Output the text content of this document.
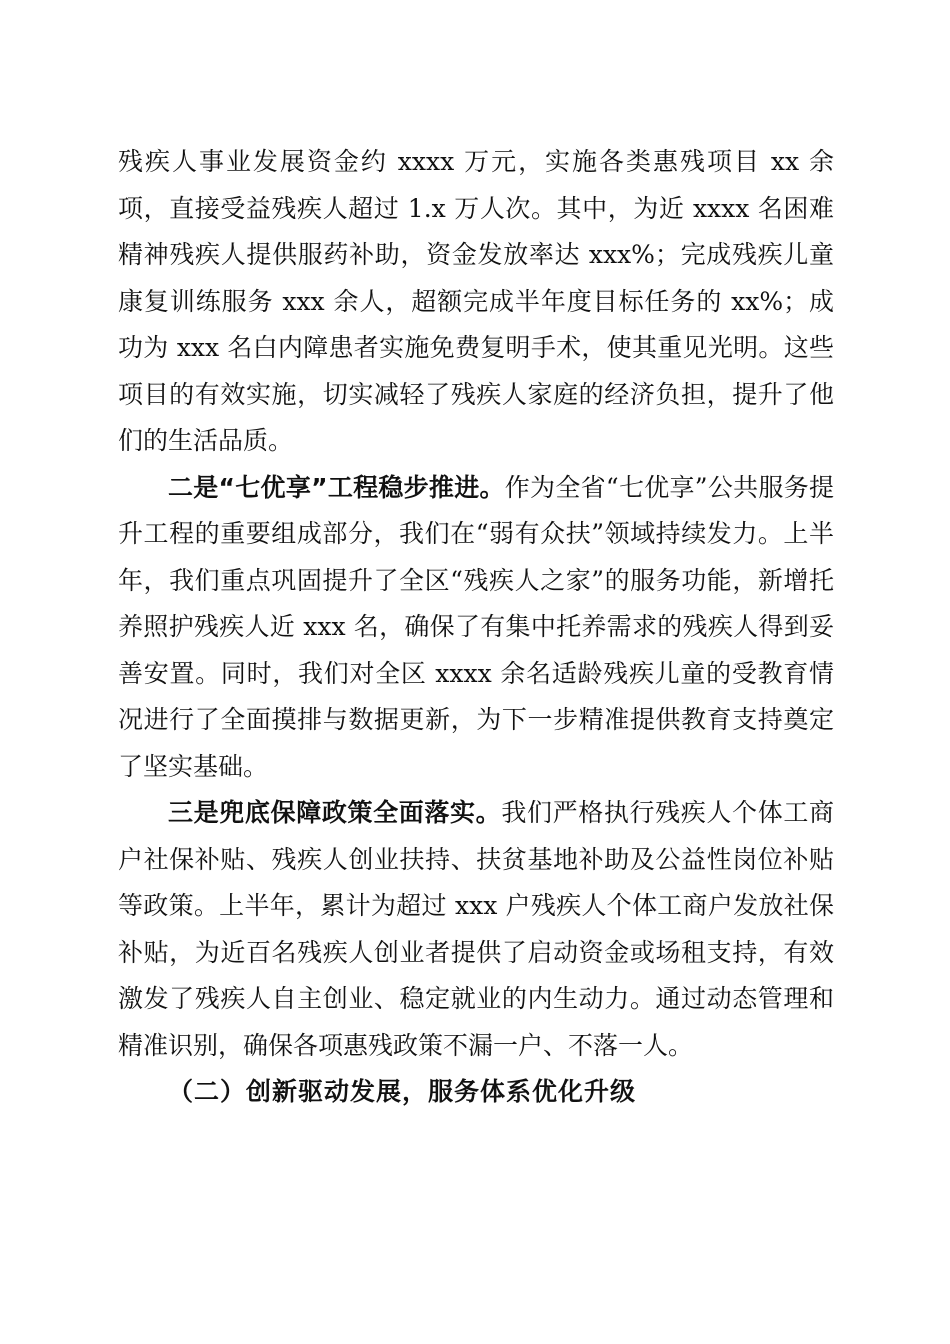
残疾人事业发展资金约 xxxx 万元，实施各类惠残项目 xx 余项，直接受益残疾人超过 1.x 万人次。其中，为近 xxxx 名困难精神残疾人提供服药补助，资金发放率达 xxx%；完成残疾儿童康复训练服务 xxx 余人，超额完成半年度目标任务的 xx%；成功为 xxx 名白内障患者实施免费复明手术，使其重见光明。这些项目的有效实施，切实减轻了残疾人家庭的经济负担，提升了他们的生活品质。

二是“七优享”工程稳步推进。作为全省“七优享”公共服务提升工程的重要组成部分，我们在“弱有众扶”领域持续发力。上半年，我们重点巩固提升了全区“残疾人之家”的服务功能，新增托养照护残疾人近 xxx 名，确保了有集中托养需求的残疾人得到妥善安置。同时，我们对全区 xxxx 余名适龄残疾儿童的受教育情况进行了全面摸排与数据更新，为下一步精准提供教育支持奠定了坚实基础。

三是兜底保障政策全面落实。我们严格执行残疾人个体工商户社保补贴、残疾人创业扶持、扶贫基地补助及公益性岗位补贴等政策。上半年，累计为超过 xxx 户残疾人个体工商户发放社保补贴，为近百名残疾人创业者提供了启动资金或场租支持，有效激发了残疾人自主创业、稳定就业的内生动力。通过动态管理和精准识别，确保各项惠残政策不漏一户、不落一人。

（二）创新驱动发展，服务体系优化升级
